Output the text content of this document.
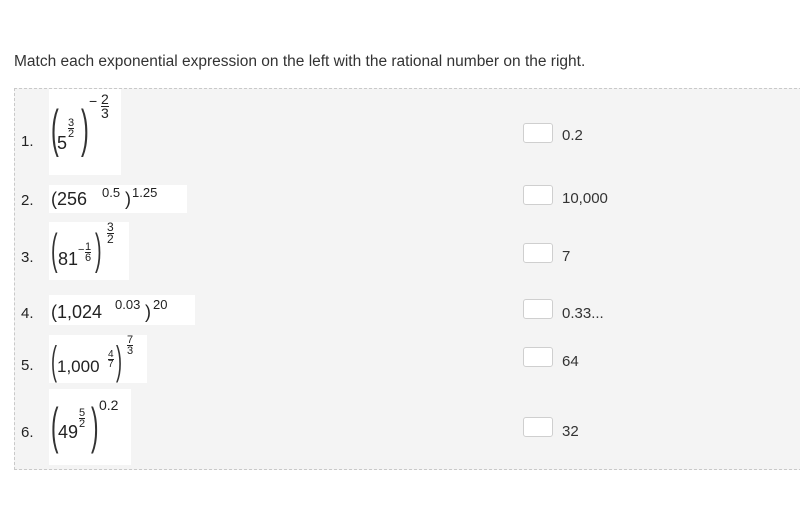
Match each exponential expression on the left with the rational number on the right.
1. (
5
3
2 ) − 2
3
0.2
2. (256 0.5 ) 1.25	10,000
3. ( 81 − 1
6 ) 3
2
7
4. (1,024 0.03 ) 20
0.33...
5. ( 1,000
4
7 ) 7
3
64
6. ( 49
5
2 ) 0.2
32
